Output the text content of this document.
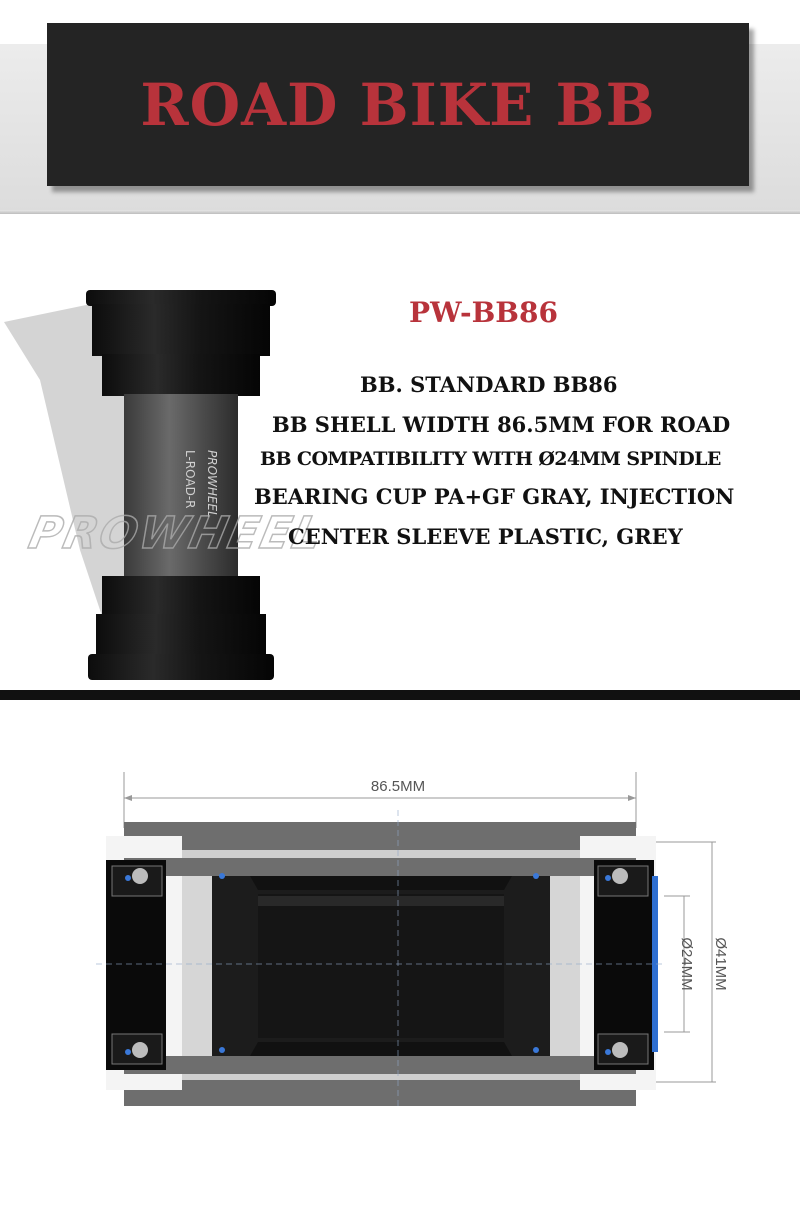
ROAD BIKE BB
PROWHEEL
L-ROAD-R
PROWHEEL
PW-BB86
BB. STANDARD BB86
BB SHELL WIDTH 86.5MM FOR ROAD
BB COMPATIBILITY WITH Ø24MM SPINDLE
BEARING CUP PA+GF GRAY, INJECTION
CENTER SLEEVE PLASTIC, GREY
86.5MM
Ø24MM Ø41MM
